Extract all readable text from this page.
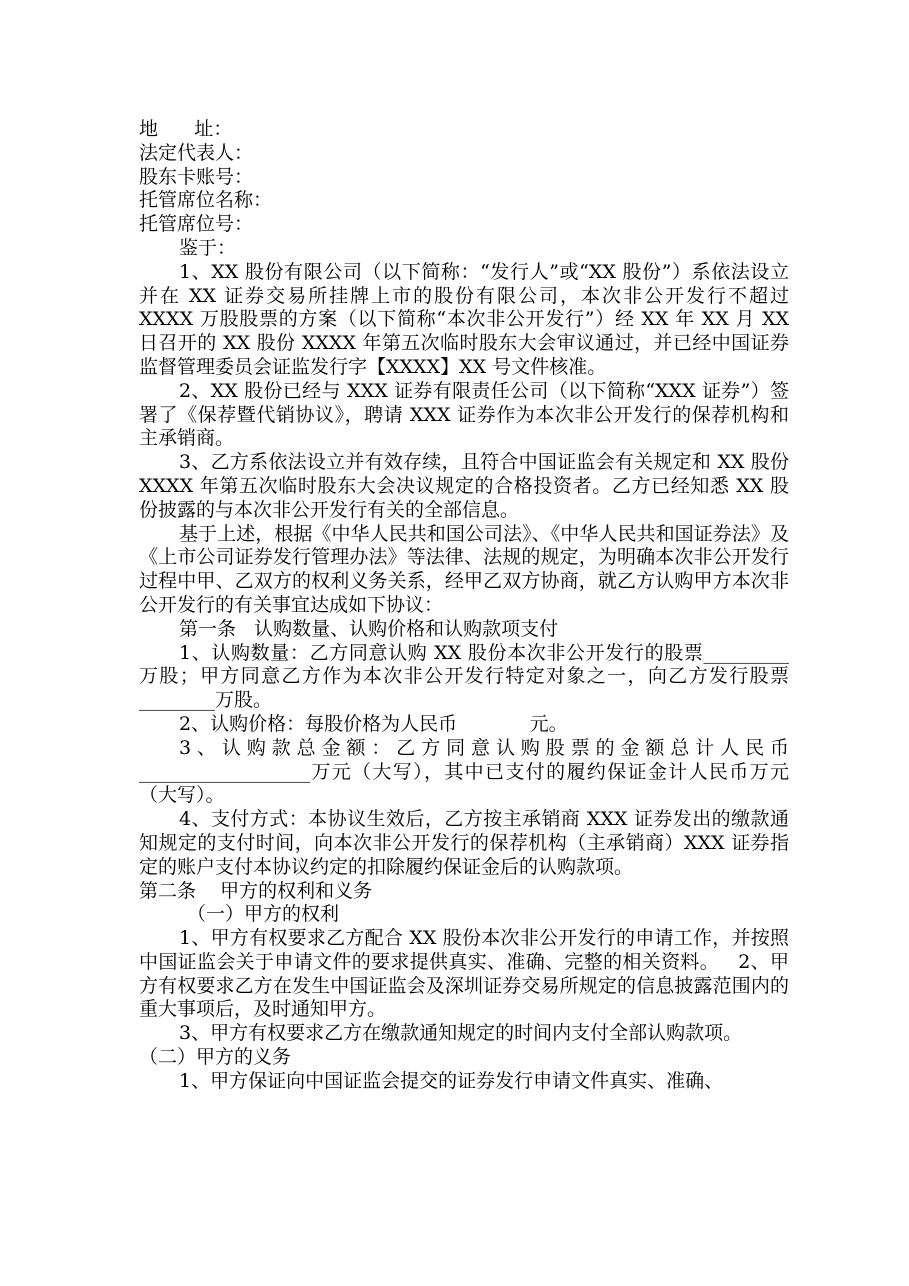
地      址：

法定代表人：

股东卡账号：

托管席位名称：

托管席位号：

鉴于：

1、XX 股份有限公司（以下简称：“发行人”或“XX 股份”）系依法设立并在 XX 证券交易所挂牌上市的股份有限公司，本次非公开发行不超过 XXXX 万股股票的方案（以下简称“本次非公开发行”）经 XX 年 XX 月 XX 日召开的 XX 股份 XXXX 年第五次临时股东大会审议通过，并已经中国证券监督管理委员会证监发行字【XXXX】XX 号文件核准。

2、XX 股份已经与 XXX 证券有限责任公司（以下简称“XXX 证券”）签署了《保荐暨代销协议》，聘请 XXX 证券作为本次非公开发行的保荐机构和主承销商。

3、乙方系依法设立并有效存续，且符合中国证监会有关规定和 XX 股份 XXXX 年第五次临时股东大会决议规定的合格投资者。乙方已经知悉 XX 股份披露的与本次非公开发行有关的全部信息。

基于上述，根据《中华人民共和国公司法》、《中华人民共和国证券法》及《上市公司证券发行管理办法》等法律、法规的规定，为明确本次非公开发行过程中甲、乙双方的权利义务关系，经甲乙双方协商，就乙方认购甲方本次非公开发行的有关事宜达成如下协议：

第一条   认购数量、认购价格和认购款项支付

1、认购数量：乙方同意认购 XX 股份本次非公开发行的股票_________万股；甲方同意乙方作为本次非公开发行特定对象之一，向乙方发行股票________万股。

2、认购价格：每股价格为人民币            元。

3、认购款总金额：乙方同意认购股票的金额总计人民币__________________万元（大写），其中已支付的履约保证金计人民币万元（大写）。

4、支付方式：本协议生效后，乙方按主承销商 XXX 证券发出的缴款通知规定的支付时间，向本次非公开发行的保荐机构（主承销商）XXX 证券指定的账户支付本协议约定的扣除履约保证金后的认购款项。

第二条    甲方的权利和义务

（一）甲方的权利

1、甲方有权要求乙方配合 XX 股份本次非公开发行的申请工作，并按照中国证监会关于申请文件的要求提供真实、准确、完整的相关资料。   2、甲方有权要求乙方在发生中国证监会及深圳证券交易所规定的信息披露范围内的重大事项后，及时通知甲方。

3、甲方有权要求乙方在缴款通知规定的时间内支付全部认购款项。

（二）甲方的义务

1、甲方保证向中国证监会提交的证券发行申请文件真实、准确、
